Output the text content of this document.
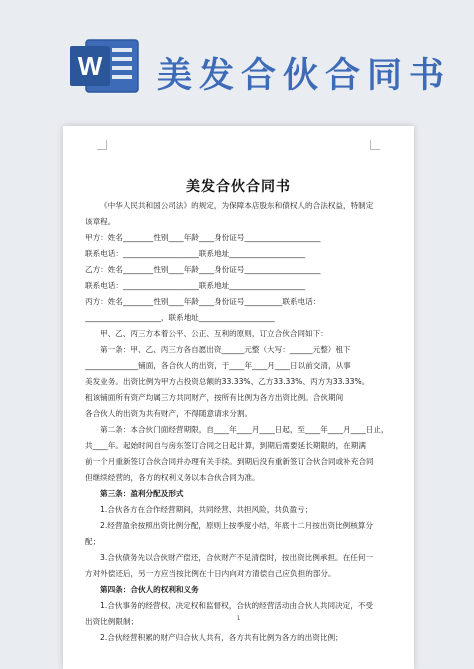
W 美发合伙合同书
美发合伙合同书
《中华人民共和国公司法》的规定，为保障本店股东和债权人的合法权益，特制定
该章程。
甲方：姓名________性别____年龄____身份证号____________________
联系电话：____________________联系地址____________________
乙方：姓名________性别____年龄____身份证号____________________
联系电话：____________________联系地址____________________
丙方：姓名________性别____年龄____身份证号__________联系电话：
____________________，联系地址____________________
甲、乙、丙三方本着公平、公正、互利的原则，订立合伙合同如下：
第一条：甲、乙、丙三方各自愿出资______元整（大写：______元整）租下
______________铺面，各合伙人的出资，于____年____月____日以前交清，从事
美发业务。出资比例为甲方占投资总额的33.33%、乙方33.33%、丙方为33.33%。
租该铺面所有资产均属三方共同财产，按所有比例为各方出资比例。合伙期间
各合伙人的出资为共有财产，不得随意请求分割。
第二条：本合伙门面经营期限，自____年____月____日起，至____年____月____日止，
共____年。起始时间自与房东签订合同之日起计算，到期后需要延长期限的，在期满
前一个月重新签订合伙合同并办理有关手续。到期后没有重新签订合伙合同或补充合同
但继续经营的，各方的权利义务以本合伙合同为准。
第三条：盈利分配及形式
1.合伙各方在合作经营期间，共同经营、共担风险，共负盈亏；
2.经营盈余按照出资比例分配，原则上按季度小结，年底十二月按出资比例核算分
配；
3.合伙债务先以合伙财产偿还，合伙财产不足清偿时，按出资比例承担。在任何一
方对外偿还后，另一方应当按比例在十日内向对方清偿自己应负担的部分。
第四条：合伙人的权利和义务
1.合伙事务的经营权、决定权和监督权，合伙的经营活动由合伙人共同决定，不受
出资比例限制；
2.合伙经营积累的财产归合伙人共有，各方共有比例为各方的出资比例；
1
